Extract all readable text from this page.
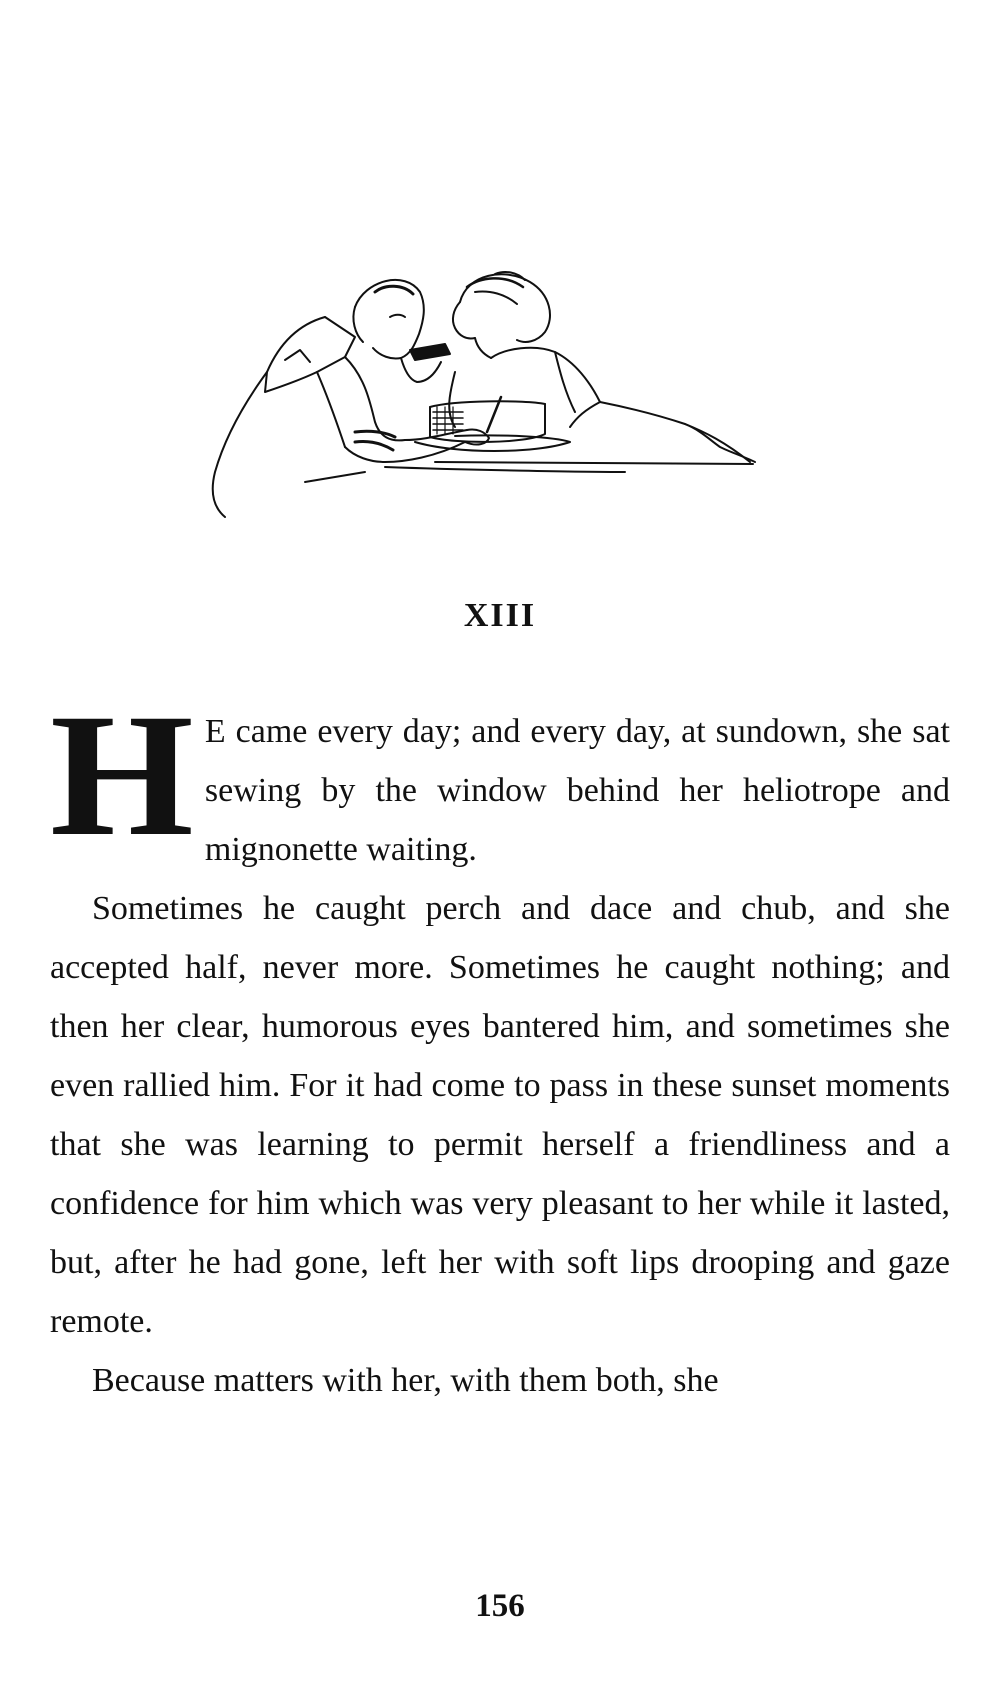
XIII

H E came every day; and every day, at sundown, she sat sewing by the window behind her heliotrope and mignonette waiting.

Sometimes he caught perch and dace and chub, and she accepted half, never more. Sometimes he caught nothing; and then her clear, humorous eyes bantered him, and sometimes she even rallied him. For it had come to pass in these sunset moments that she was learning to permit herself a friendliness and a confidence for him which was very pleasant to her while it lasted, but, after he had gone, left her with soft lips drooping and gaze remote.

Because matters with her, with them both, she

156
